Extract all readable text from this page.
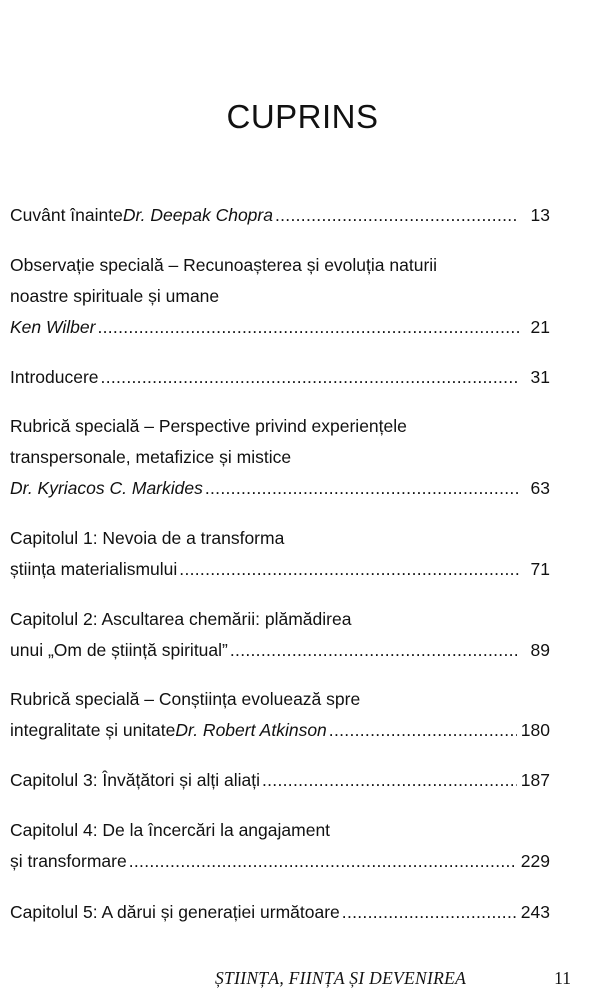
CUPRINS
Cuvânt înainte Dr. Deepak Chopra .....	13
Observație specială – Recunoașterea și evoluția naturii
noastre spirituale și umane
Ken Wilber .....	21
Introducere .....	31
Rubrică specială – Perspective privind experiențele
transpersonale, metafizice și mistice
Dr. Kyriacos C. Markides .....	63
Capitolul 1: Nevoia de a transforma
știința materialismului .....	71
Capitolul 2: Ascultarea chemării: plămădirea
unui „Om de știință spiritual” .....	89
Rubrică specială – Conștiința evoluează spre
integralitate și unitate Dr. Robert Atkinson .....	180
Capitolul 3: Învățători și alți aliați .....	187
Capitolul 4: De la încercări la angajament
și transformare .....	229
Capitolul 5: A dărui și generației următoare .....	243
ȘTIINȚA, FIINȚA ȘI DEVENIREA	11
